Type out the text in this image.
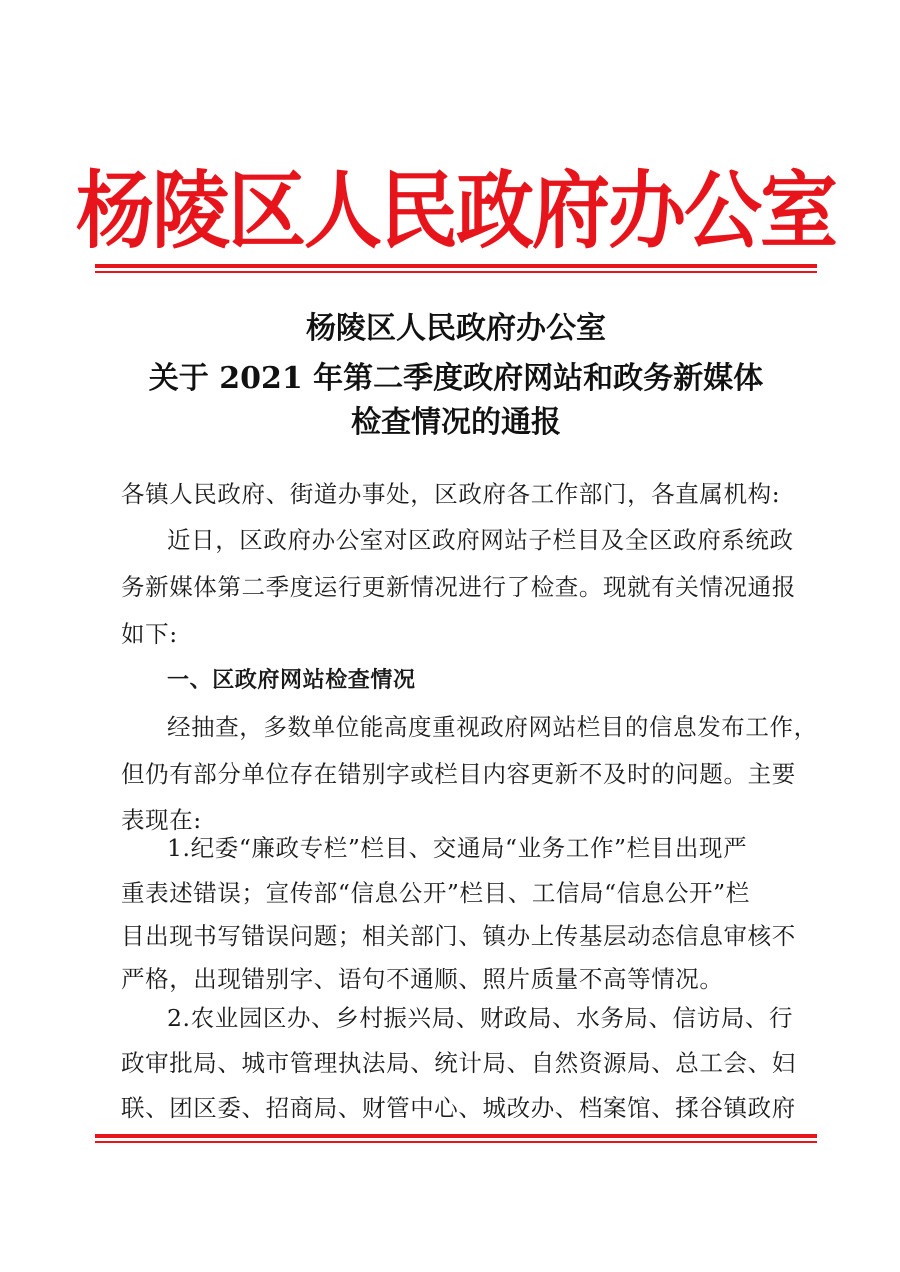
杨陵区人民政府办公室
杨陵区人民政府办公室
关于 2021 年第二季度政府网站和政务新媒体
检查情况的通报
各镇人民政府、街道办事处，区政府各工作部门，各直属机构:
近日，区政府办公室对区政府网站子栏目及全区政府系统政
务新媒体第二季度运行更新情况进行了检查。现就有关情况通报
如下:
一、区政府网站检查情况
经抽查，多数单位能高度重视政府网站栏目的信息发布工作，
但仍有部分单位存在错别字或栏目内容更新不及时的问题。主要
表现在:
1.纪委“廉政专栏”栏目、交通局“业务工作”栏目出现严
重表述错误；宣传部“信息公开”栏目、工信局“信息公开”栏
目出现书写错误问题；相关部门、镇办上传基层动态信息审核不
严格，出现错别字、语句不通顺、照片质量不高等情况。
2.农业园区办、乡村振兴局、财政局、水务局、信访局、行
政审批局、城市管理执法局、统计局、自然资源局、总工会、妇
联、团区委、招商局、财管中心、城改办、档案馆、揉谷镇政府
